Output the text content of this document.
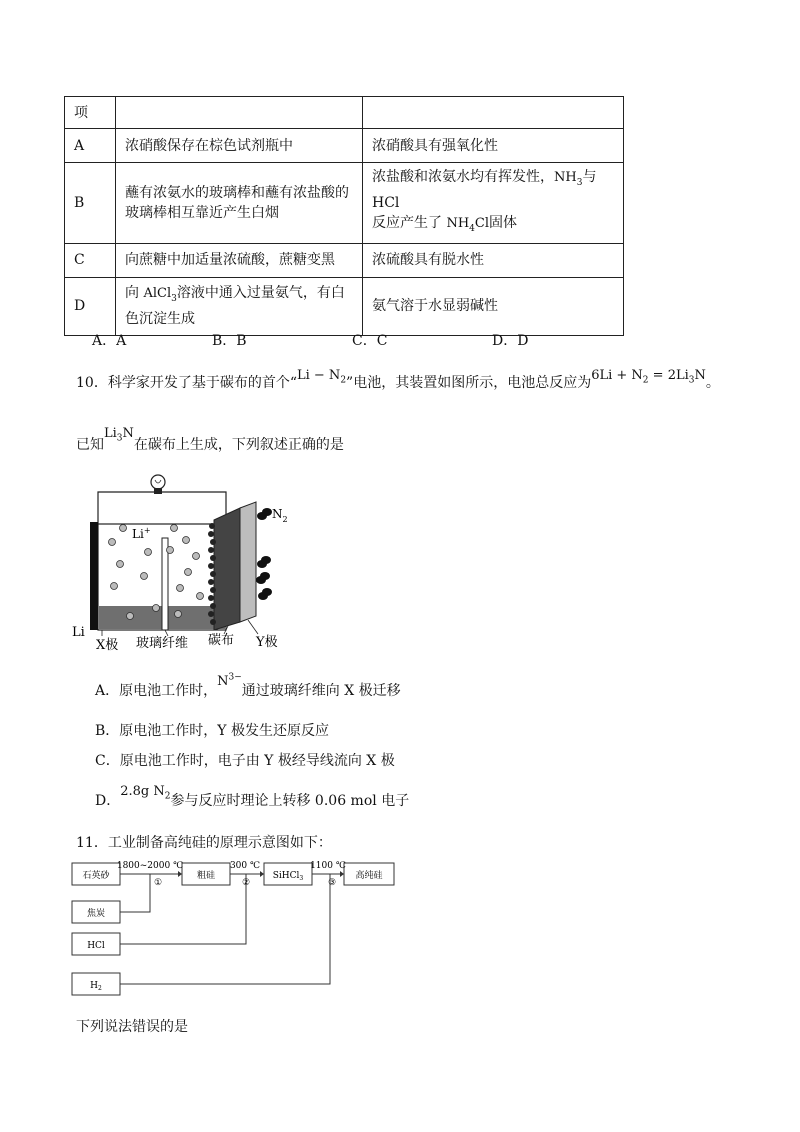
项		
A	浓硝酸保存在棕色试剂瓶中	浓硝酸具有强氧化性
B	蘸有浓氨水的玻璃棒和蘸有浓盐酸的
玻璃棒相互靠近产生白烟	浓盐酸和浓氨水均有挥发性，$NH_3$与 HCl
反应产生了 $NH_4Cl$固体
C	向蔗糖中加适量浓硫酸，蔗糖变黑	浓硫酸具有脱水性
D	向 AlCl$_3$溶液中通入过量氨气，有白
色沉淀生成	氨气溶于水显弱碱性
A．A	B．B	C．C	D．D
10．科学家开发了基于碳布的首个“$Li - N_2$”电池，其装置如图所示，电池总反应为$6Li + N_2 = 2Li_3N$。
已知$Li_3N$在碳布上生成，下列叙述正确的是
Li+
$N_2$
Li
X极 玻璃纤维 碳布 Y极
A．原电池工作时，$N^{3-}$通过玻璃纤维向 X 极迁移
B．原电池工作时，Y 极发生还原反应
C．原电池工作时，电子由 Y 极经导线流向 X 极
D．2.8g $N_2$参与反应时理论上转移 0.06 mol 电子
11．工业制备高纯硅的原理示意图如下：
石英砂	粗硅	SiHCl$_3$	高纯硅
焦炭
HCl
$H_2$
1800~2000 ℃
①
300 ℃
②
1100 ℃
③
下列说法错误的是
